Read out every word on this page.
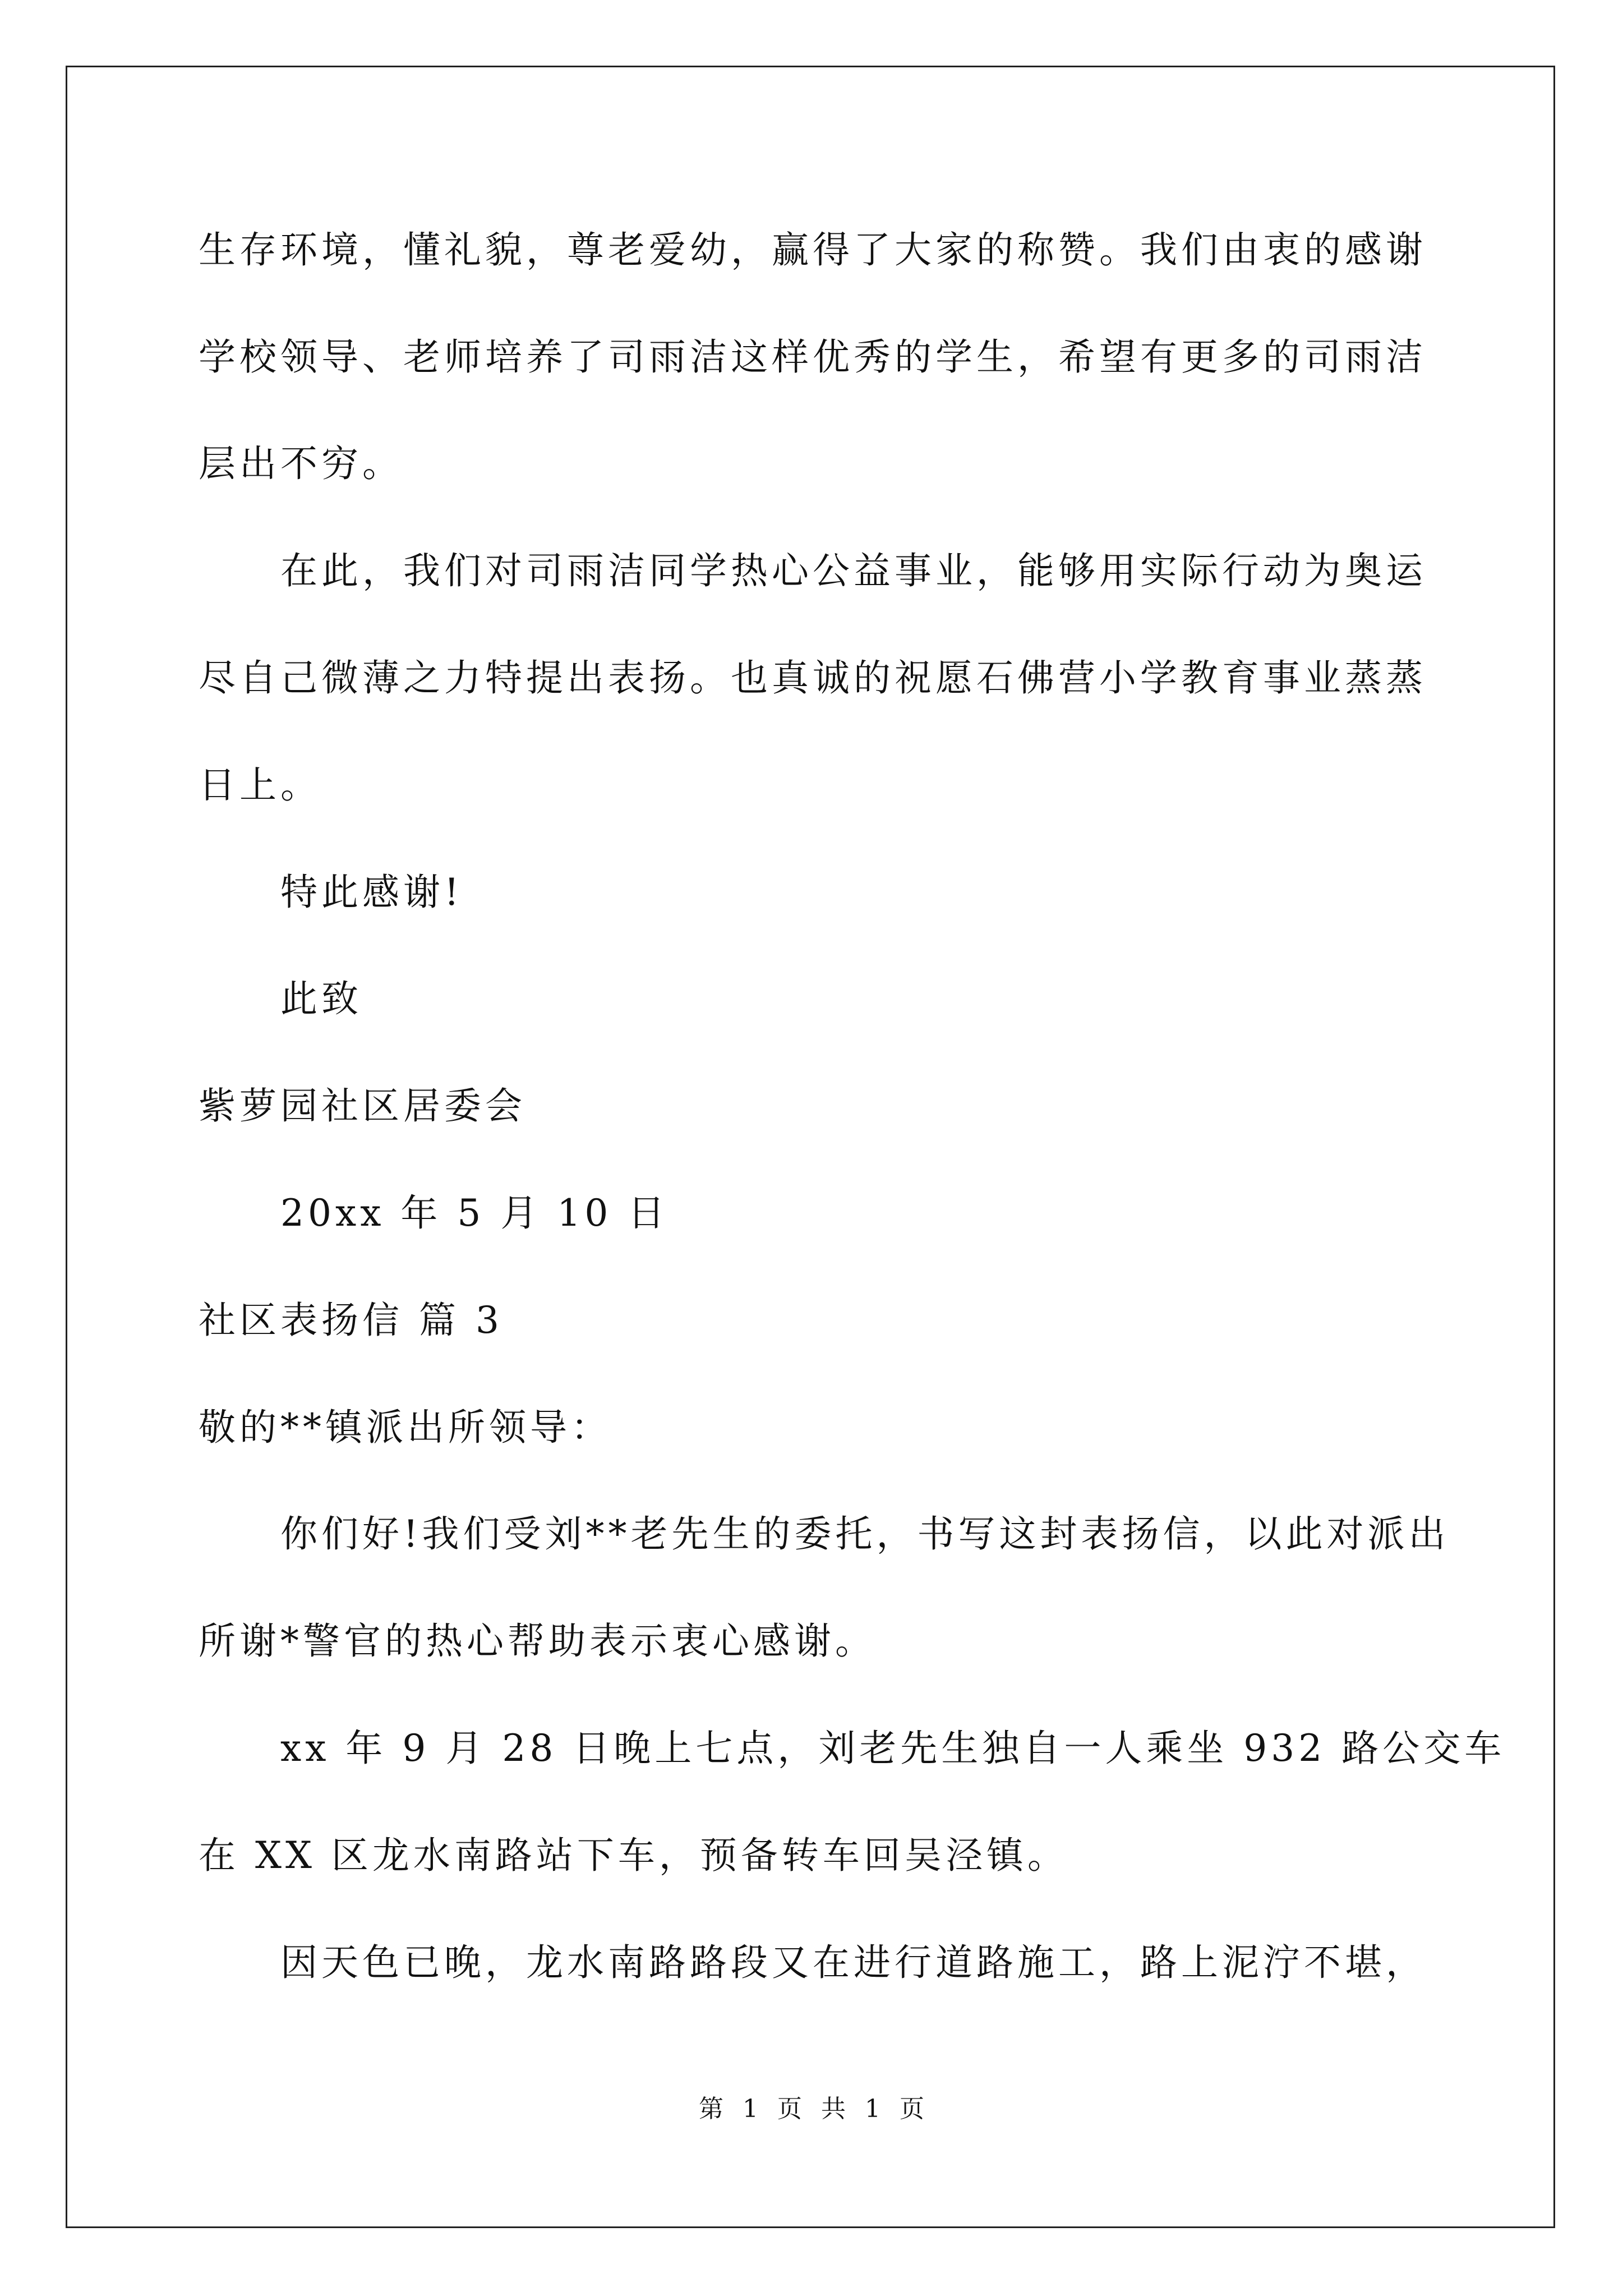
生存环境，懂礼貌，尊老爱幼，赢得了大家的称赞。我们由衷的感谢
学校领导、老师培养了司雨洁这样优秀的学生，希望有更多的司雨洁
层出不穷。
在此，我们对司雨洁同学热心公益事业，能够用实际行动为奥运
尽自己微薄之力特提出表扬。也真诚的祝愿石佛营小学教育事业蒸蒸
日上。
特此感谢!
此致
紫萝园社区居委会
20xx 年 5 月 10 日
社区表扬信 篇 3
敬的**镇派出所领导：
你们好!我们受刘**老先生的委托，书写这封表扬信，以此对派出
所谢*警官的热心帮助表示衷心感谢。
xx 年 9 月 28 日晚上七点，刘老先生独自一人乘坐 932 路公交车
在 XX 区龙水南路站下车，预备转车回吴泾镇。
因天色已晚，龙水南路路段又在进行道路施工，路上泥泞不堪，
第 1 页 共 1 页
